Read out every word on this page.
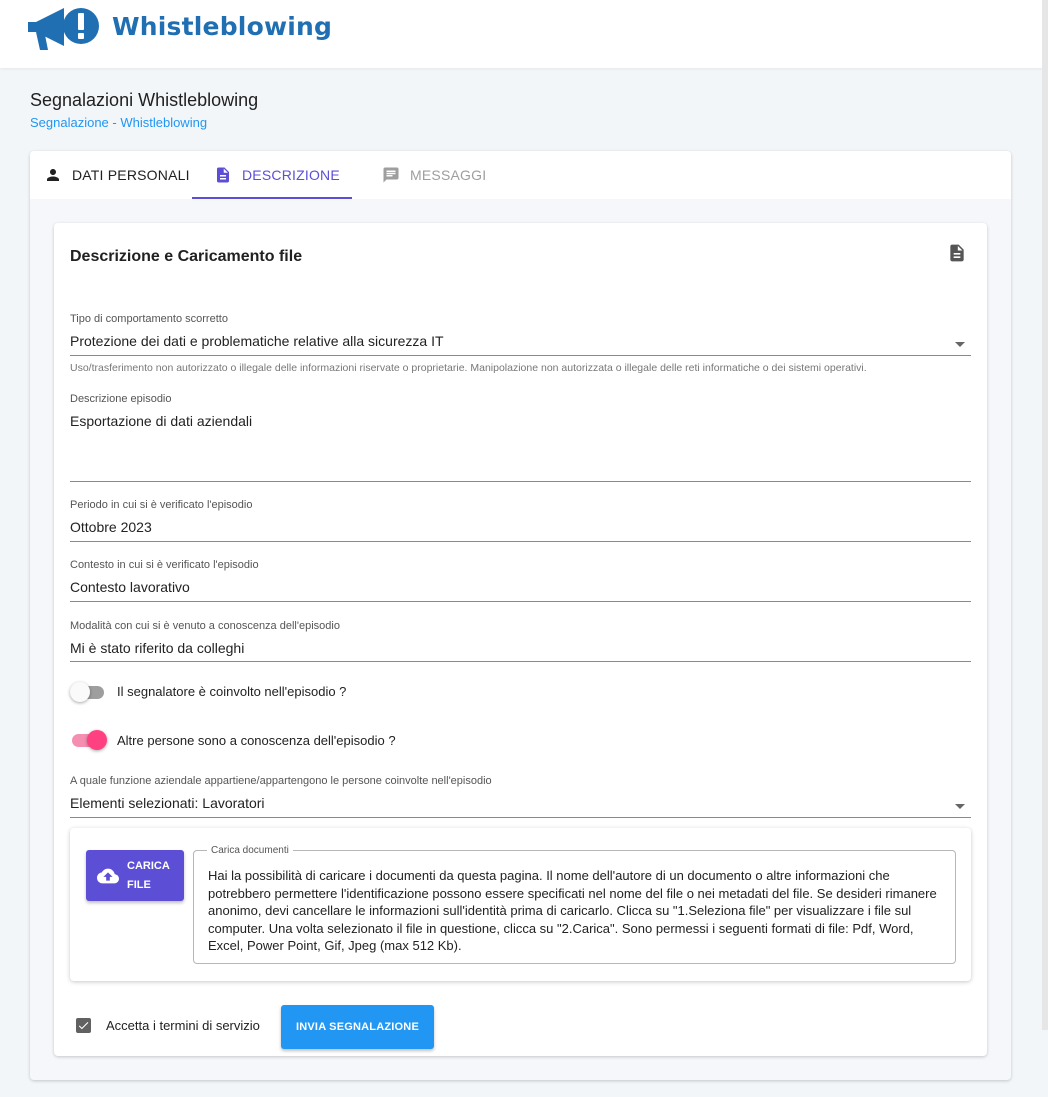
Whistleblowing
Segnalazioni Whistleblowing
Segnalazione - Whistleblowing
DATI PERSONALI	DESCRIZIONE	MESSAGGI
Descrizione e Caricamento file
Tipo di comportamento scorretto
Protezione dei dati e problematiche relative alla sicurezza IT
Uso/trasferimento non autorizzato o illegale delle informazioni riservate o proprietarie. Manipolazione non autorizzata o illegale delle reti informatiche o dei sistemi operativi.
Descrizione episodio
Esportazione di dati aziendali
Periodo in cui si è verificato l'episodio
Ottobre 2023
Contesto in cui si è verificato l'episodio
Contesto lavorativo
Modalità con cui si è venuto a conoscenza dell'episodio
Mi è stato riferito da colleghi
Il segnalatore è coinvolto nell'episodio ?
Altre persone sono a conoscenza dell'episodio ?
A quale funzione aziendale appartiene/appartengono le persone coinvolte nell'episodio
Elementi selezionati: Lavoratori
CARICA FILE
Carica documenti
Hai la possibilità di caricare i documenti da questa pagina. Il nome dell'autore di un documento o altre informazioni che potrebbero permettere l'identificazione possono essere specificati nel nome del file o nei metadati del file. Se desideri rimanere anonimo, devi cancellare le informazioni sull'identità prima di caricarlo. Clicca su "1.Seleziona file" per visualizzare i file sul computer. Una volta selezionato il file in questione, clicca su "2.Carica". Sono permessi i seguenti formati di file: Pdf, Word, Excel, Power Point, Gif, Jpeg (max 512 Kb).
Accetta i termini di servizio	INVIA SEGNALAZIONE
